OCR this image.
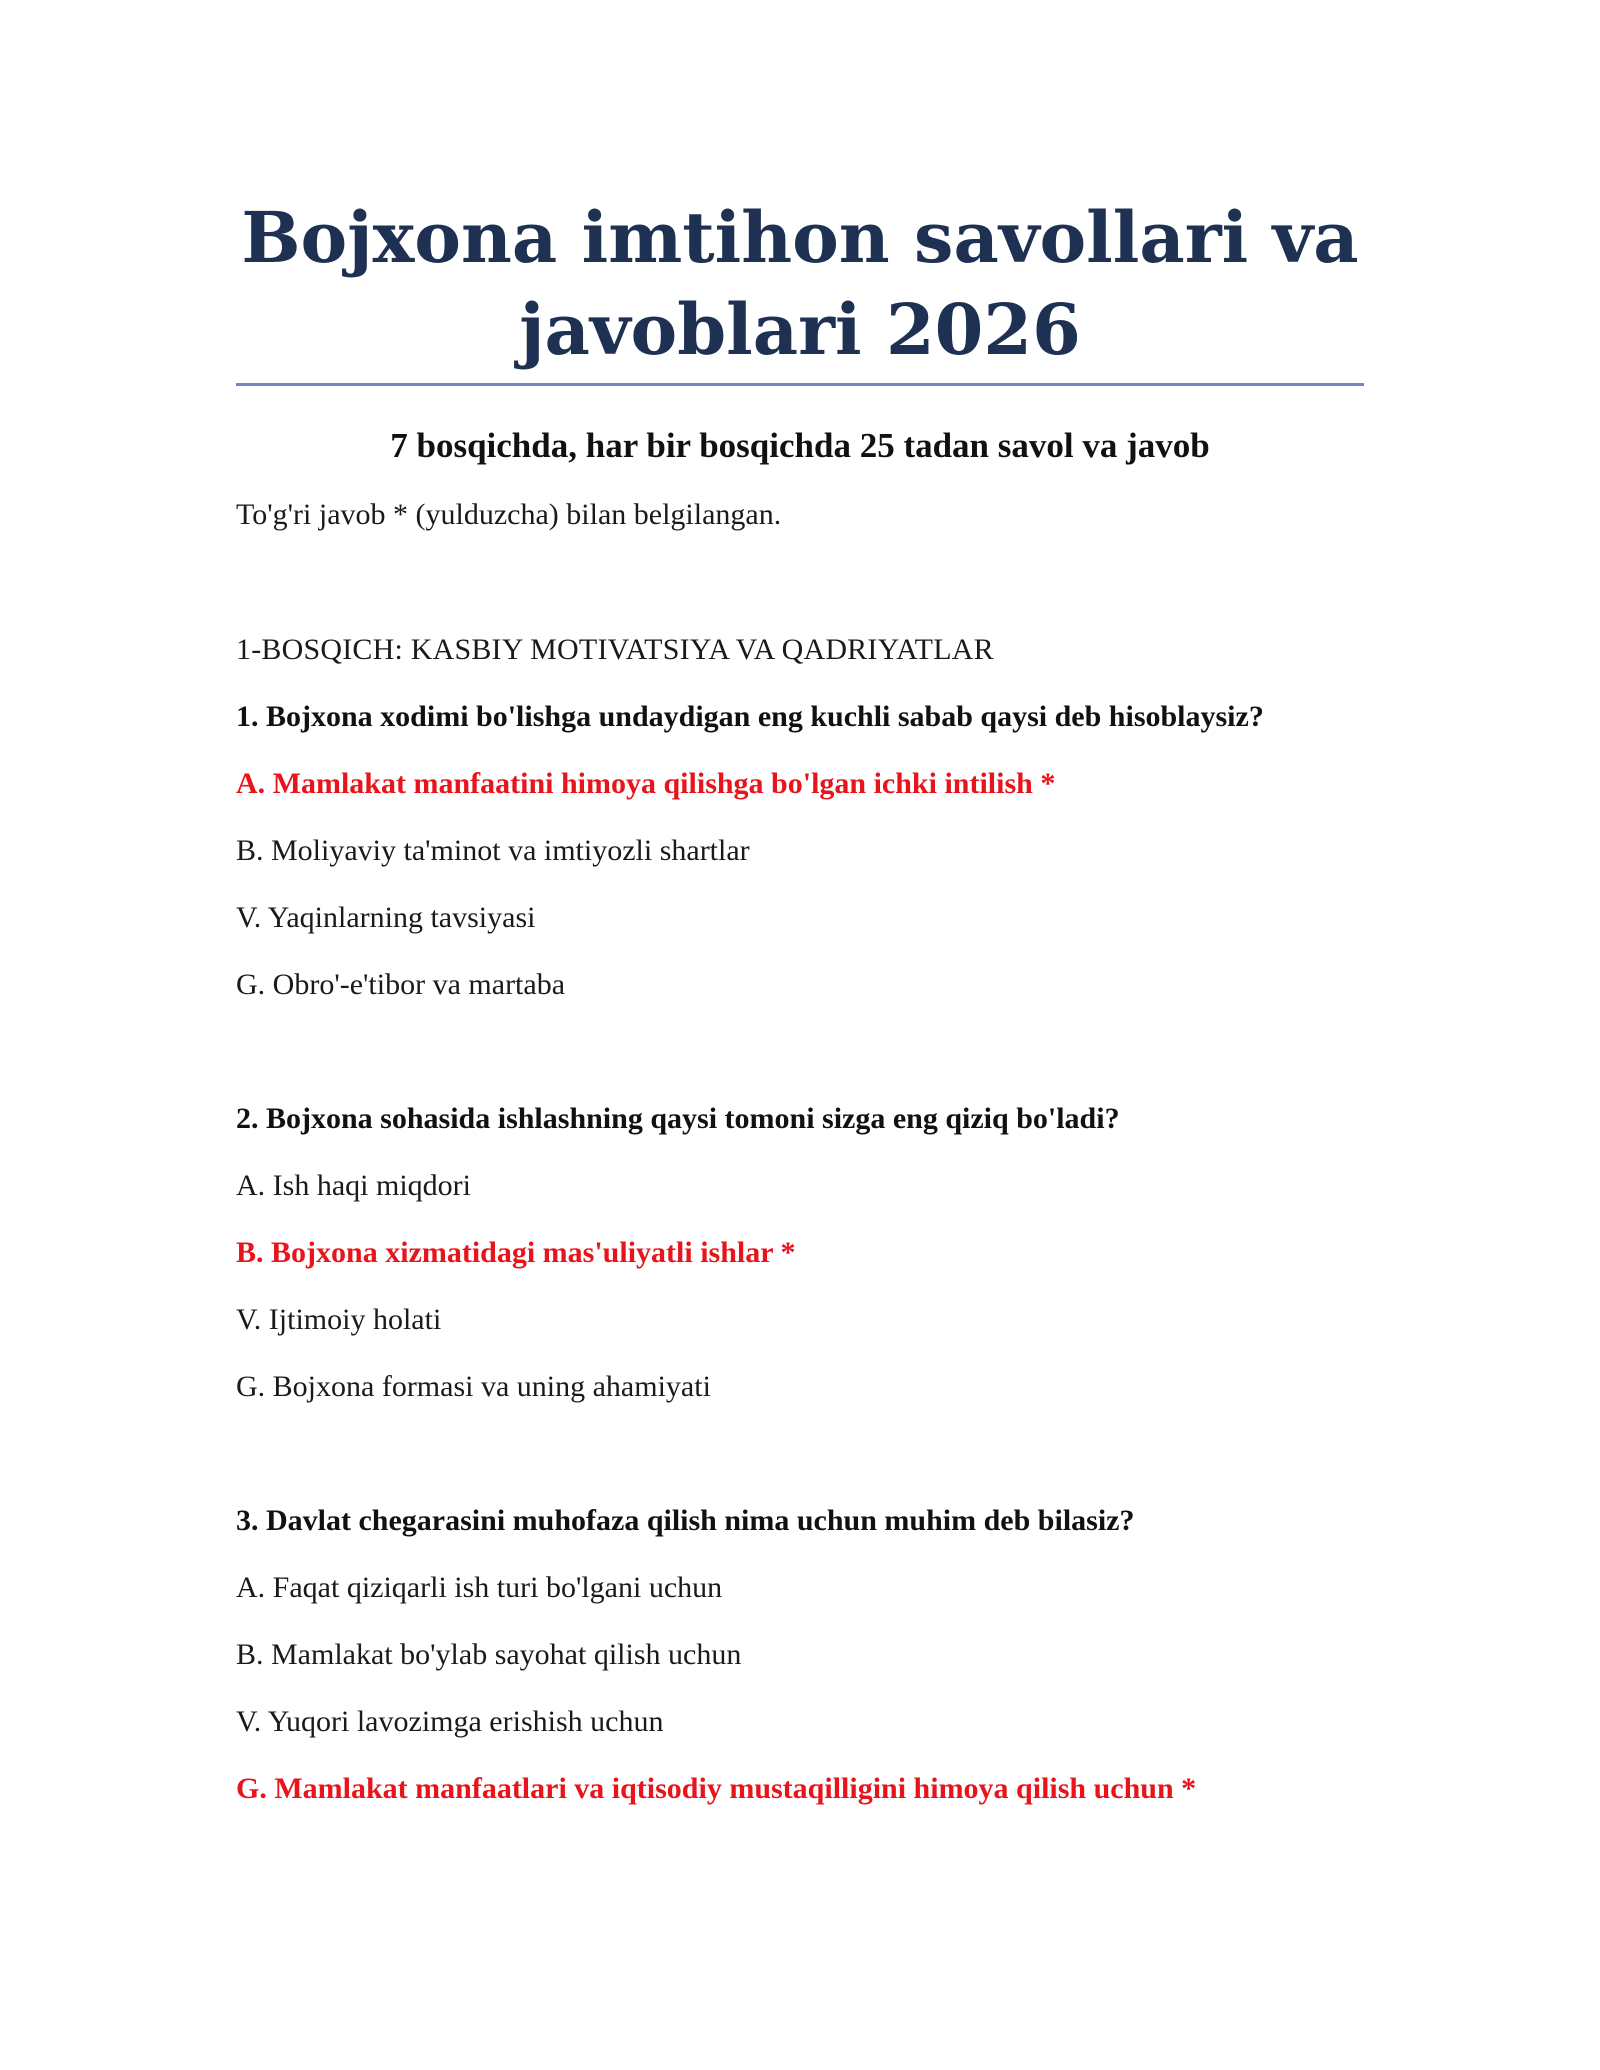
Bojxona imtihon savollari va javoblari 2026
7 bosqichda, har bir bosqichda 25 tadan savol va javob
To'g'ri javob * (yulduzcha) bilan belgilangan.
1-BOSQICH: KASBIY MOTIVATSIYA VA QADRIYATLAR
1. Bojxona xodimi bo'lishga undaydigan eng kuchli sabab qaysi deb hisoblaysiz?
A. Mamlakat manfaatini himoya qilishga bo'lgan ichki intilish *
B. Moliyaviy ta'minot va imtiyozli shartlar
V. Yaqinlarning tavsiyasi
G. Obro'-e'tibor va martaba
2. Bojxona sohasida ishlashning qaysi tomoni sizga eng qiziq bo'ladi?
A. Ish haqi miqdori
B. Bojxona xizmatidagi mas'uliyatli ishlar *
V. Ijtimoiy holati
G. Bojxona formasi va uning ahamiyati
3. Davlat chegarasini muhofaza qilish nima uchun muhim deb bilasiz?
A. Faqat qiziqarli ish turi bo'lgani uchun
B. Mamlakat bo'ylab sayohat qilish uchun
V. Yuqori lavozimga erishish uchun
G. Mamlakat manfaatlari va iqtisodiy mustaqilligini himoya qilish uchun *
